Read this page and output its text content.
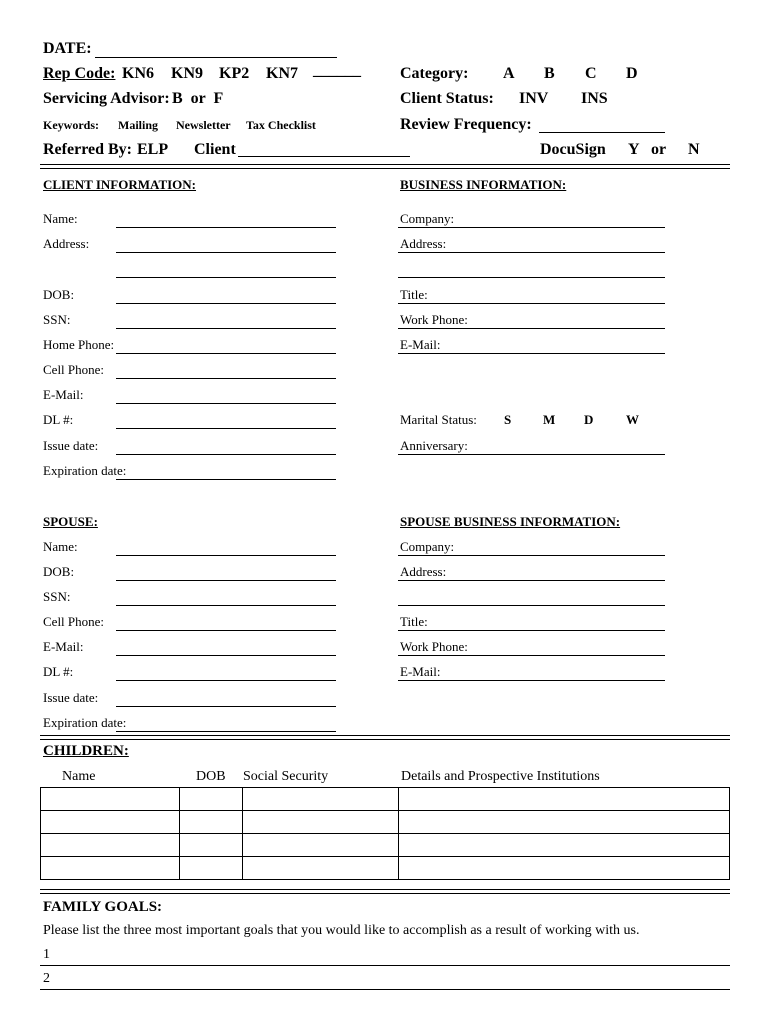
DATE:
Rep Code: KN6 KN9 KP2 KN7 ______ Category: A B C D
Servicing Advisor: B  or  F	Client Status: INV INS
Keywords: Mailing Newsletter Tax Checklist	Review Frequency:
Referred By: ELP Client	DocuSign Y or N
CLIENT INFORMATION:
Name:
Address:
DOB:
SSN:
Home Phone:
Cell Phone:
E-Mail:
DL #:
Issue date:
Expiration date:
BUSINESS INFORMATION:
Company:
Address:
Title:
Work Phone:
E-Mail:
Marital Status: S M D	W
Anniversary:
SPOUSE:
Name:
DOB:
SSN:
Cell Phone:
E-Mail:
DL #:
Issue date:
Expiration date:
SPOUSE BUSINESS INFORMATION:
Company:
Address:
Title:
Work Phone:
E-Mail:
CHILDREN:
Name	DOB Social Security	Details and Prospective Institutions

FAMILY GOALS:
Please list the three most important goals that you would like to accomplish as a result of working with us.
1
2
